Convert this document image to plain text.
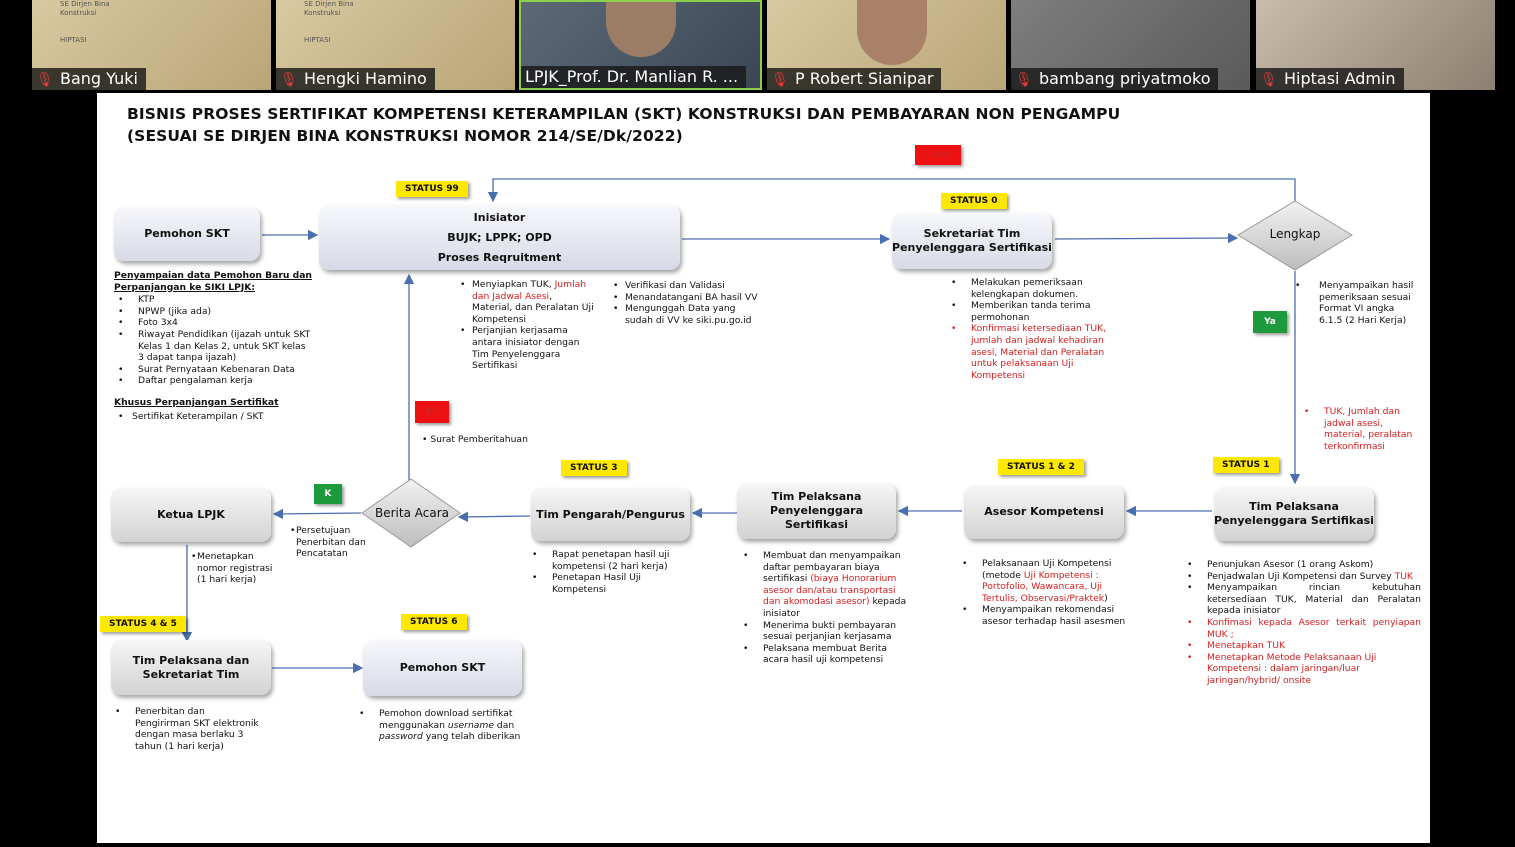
SE Dirjen Bina
Konstruksi

HIPTASI
🎙 Bang Yuki
SE Dirjen Bina
Konstruksi

HIPTASI
🎙 Hengki Hamino	LPJK_Prof. Dr. Manlian R. ...	🎙 P Robert Sianipar	🎙 bambang priyatmoko	🎙 Hiptasi Admin
BISNIS PROSES SERTIFIKAT KOMPETENSI KETERAMPILAN (SKT) KONSTRUKSI DAN PEMBAYARAN NON PENGAMPU
(SESUAI SE DIRJEN BINA KONSTRUKSI NOMOR 214/SE/Dk/2022)
STATUS 99
STATUS 0
STATUS 1
STATUS 1 & 2
STATUS 3
STATUS 4 & 5	STATUS 6
Tidak
Ya
BK
K
Pemohon SKT
Inisiator
BUJK; LPPK; OPD
Proses Reqruitment
Sekretariat Tim Penyelenggara Sertifikasi
Lengkap
Tim Pelaksana Penyelenggara Sertifikasi
Asesor Kompetensi
Tim Pelaksana Penyelenggara Sertifikasi
Tim Pengarah/Pengurus
Berita Acara
Ketua LPJK
Tim Pelaksana dan Sekretariat Tim	Pemohon SKT
Penyampaian data Pemohon Baru dan Perpanjangan ke SIKI LPJK:
• KTP
• NPWP (jika ada)
• Foto 3x4
• Riwayat Pendidikan (ijazah untuk SKT Kelas 1 dan Kelas 2, untuk SKT kelas 3 dapat tanpa ijazah)
• Surat Pernyataan Kebenaran Data
• Daftar pengalaman kerja
Khusus Perpanjangan Sertifikat
• Sertifikat Keterampilan / SKT
• Menyiapkan TUK, Jumlah dan Jadwal Asesi, Material, dan Peralatan Uji Kompetensi
• Perjanjian kerjasama antara inisiator dengan Tim Penyelenggara Sertifikasi
• Verifikasi dan Validasi
• Menandatangani BA hasil VV
• Mengunggah Data yang sudah di VV ke siki.pu.go.id
• Melakukan pemeriksaan kelengkapan dokumen.
• Memberikan tanda terima permohonan
• Konfirmasi ketersediaan TUK, jumlah dan jadwal kehadiran asesi, Material dan Peralatan untuk pelaksanaan Uji Kompetensi
• Menyampaikan hasil pemeriksaan sesuai Format VI angka 6.1.5 (2 Hari Kerja)
• TUK, Jumlah dan jadwal asesi, material, peralatan terkonfirmasi
• Surat Pemberitahuan
• Penunjukan Asesor (1 orang Askom)
• Penjadwalan Uji Kompetensi dan Survey TUK
• Menyampaikan rincian kebutuhan ketersediaan TUK, Material dan Peralatan kepada inisiator
• Konfimasi kepada Asesor terkait penyiapan MUK ;
• Menetapkan TUK
• Menetapkan Metode Pelaksanaan Uji Kompetensi : dalam jaringan/luar jaringan/hybrid/ onsite
• Pelaksanaan Uji Kompetensi (metode Uji Kompetensi : Portofolio, Wawancara, Uji Tertulis, Observasi/Praktek)
• Menyampaikan rekomendasi asesor terhadap hasil asesmen
• Membuat dan menyampaikan daftar pembayaran biaya sertifikasi (biaya Honorarium asesor dan/atau transportasi dan akomodasi asesor) kepada inisiator
• Menerima bukti pembayaran sesuai perjanjian kerjasama
• Pelaksana membuat Berita acara hasil uji kompetensi
• Rapat penetapan hasil uji kompetensi (2 hari kerja)
• Penetapan Hasil Uji Kompetensi
• Persetujuan Penerbitan dan Pencatatan
• Menetapkan nomor registrasi (1 hari kerja)
• Penerbitan dan Pengirirman SKT elektronik dengan masa berlaku 3 tahun (1 hari kerja)
• Pemohon download sertifikat menggunakan username dan password yang telah diberikan
